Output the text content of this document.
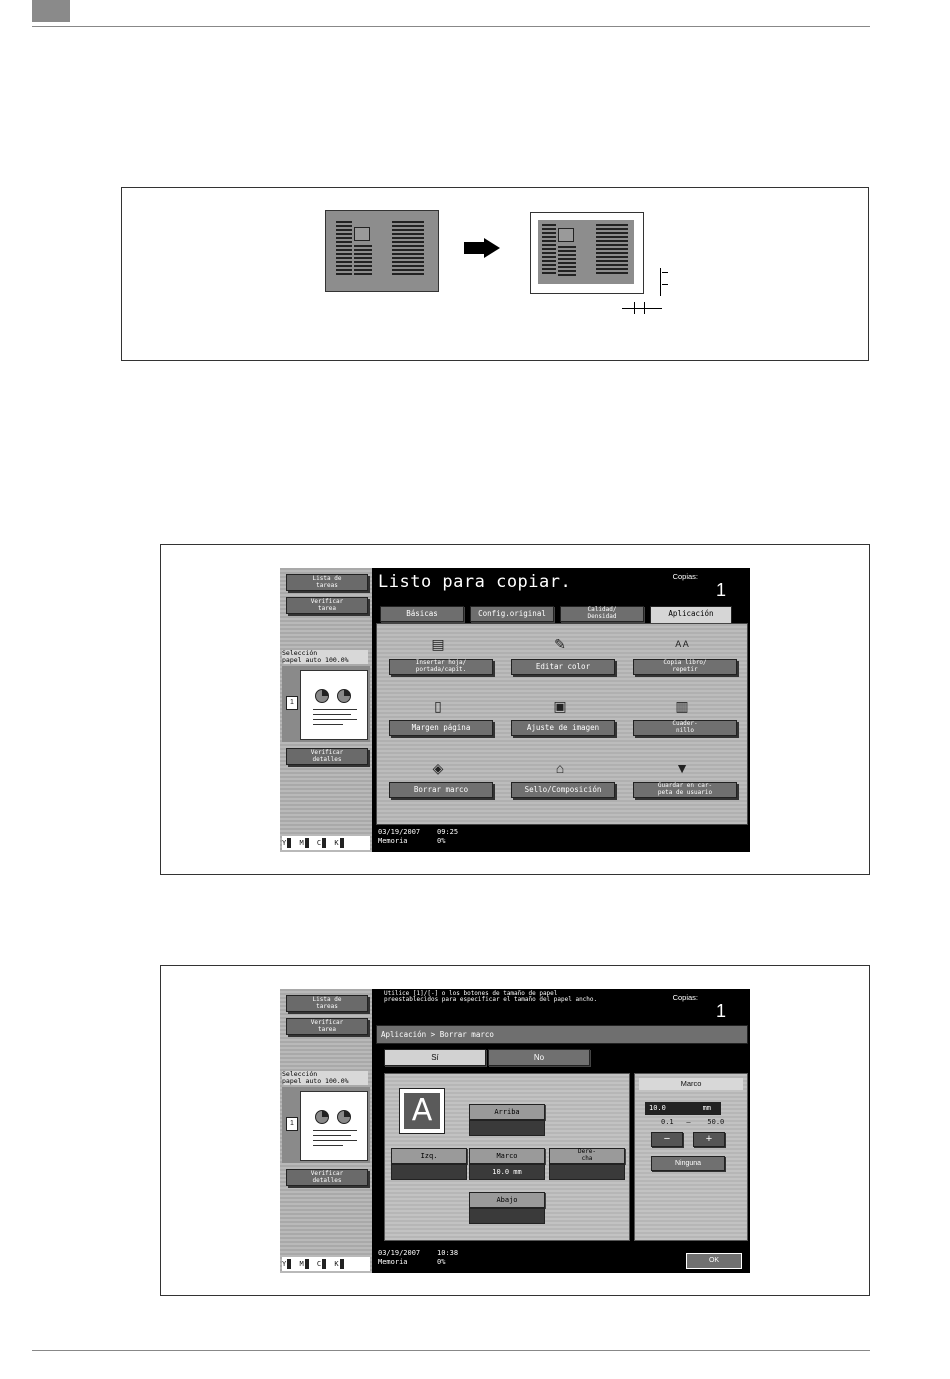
Lista de
tareas
Verificar
tarea
Selección
papel auto 100.0%
1
Verificar
detalles
Y M C K
Listo para copiar.	Copias:
1
Básicas	Config.original	Calidad/
Densidad	Aplicación
▤
Insertar hoja/
portada/capít.
✎
Editar color
A A
Copia libro/
repetir
▯
Margen página
▣
Ajuste de imagen
▥
Cuader-
nillo
◈
Borrar marco
⌂
Sello/Composición
▼
Guardar en car-
peta de usuario
03/19/2007 09:25
Memoria	0%
Lista de
tareas
Verificar
tarea
Selección
papel auto 100.0%
1
Verificar
detalles
Y M C K
Utilice [1]/[-] o los botones de tamaño de papel preestablecidos para especificar el tamaño del papel ancho.	Copias:
1
Aplicación > Borrar marco
Sí	No
A	Arriba
Izq.	Marco
10.0 mm
Dere-
cha
Abajo
Marco
10.0	mm
0.1 – 50.0
−	+
Ninguna
03/19/2007 10:38
Memoria	0%	OK
